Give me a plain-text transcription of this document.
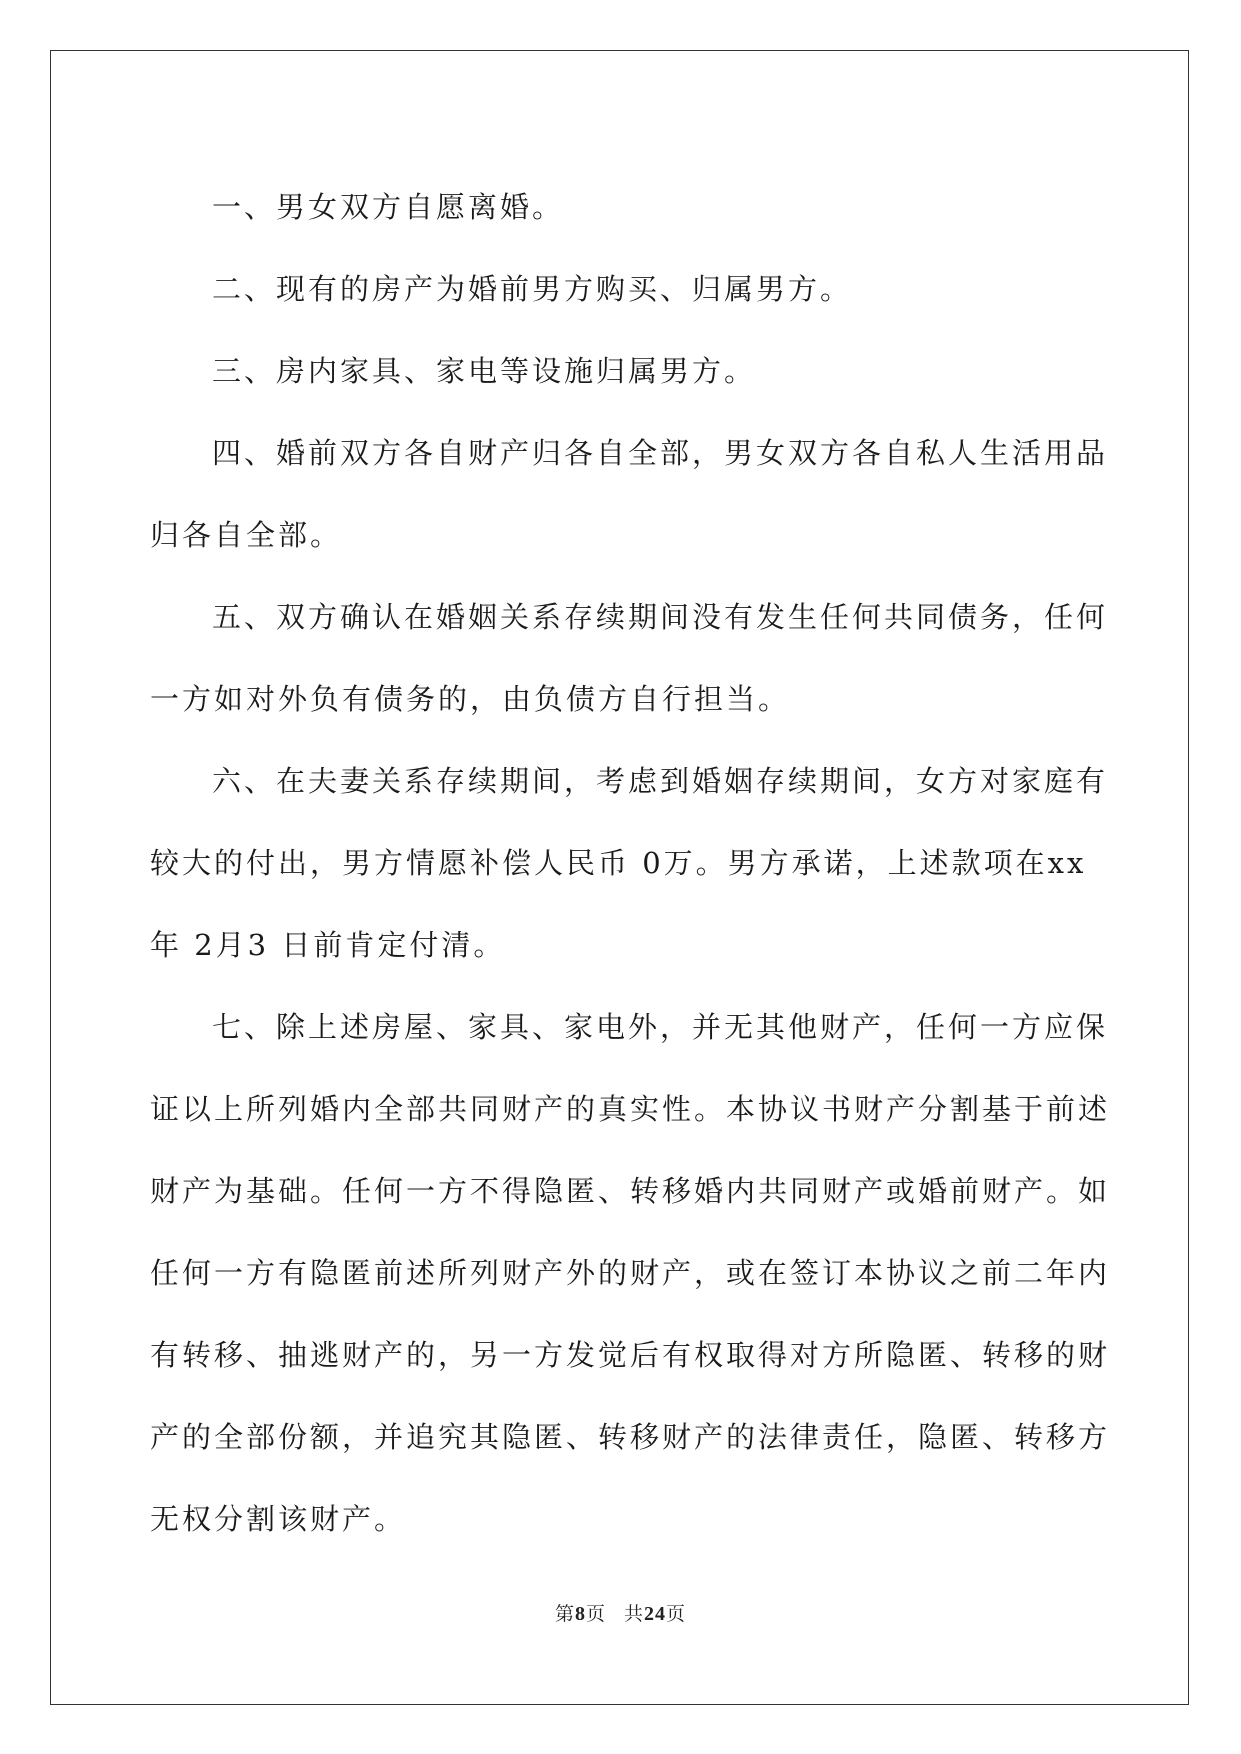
一、男女双方自愿离婚。

二、现有的房产为婚前男方购买、归属男方。

三、房内家具、家电等设施归属男方。

四、婚前双方各自财产归各自全部，男女双方各自私人生活用品
归各自全部。

五、双方确认在婚姻关系存续期间没有发生任何共同债务，任何
一方如对外负有债务的，由负债方自行担当。

六、在夫妻关系存续期间，考虑到婚姻存续期间，女方对家庭有
较大的付出，男方情愿补偿人民币 0万。男方承诺，上述款项在xx
年 2月3 日前肯定付清。

七、除上述房屋、家具、家电外，并无其他财产，任何一方应保
证以上所列婚内全部共同财产的真实性。本协议书财产分割基于前述
财产为基础。任何一方不得隐匿、转移婚内共同财产或婚前财产。如
任何一方有隐匿前述所列财产外的财产，或在签订本协议之前二年内
有转移、抽逃财产的，另一方发觉后有权取得对方所隐匿、转移的财
产的全部份额，并追究其隐匿、转移财产的法律责任，隐匿、转移方
无权分割该财产。

第8页 共24页
